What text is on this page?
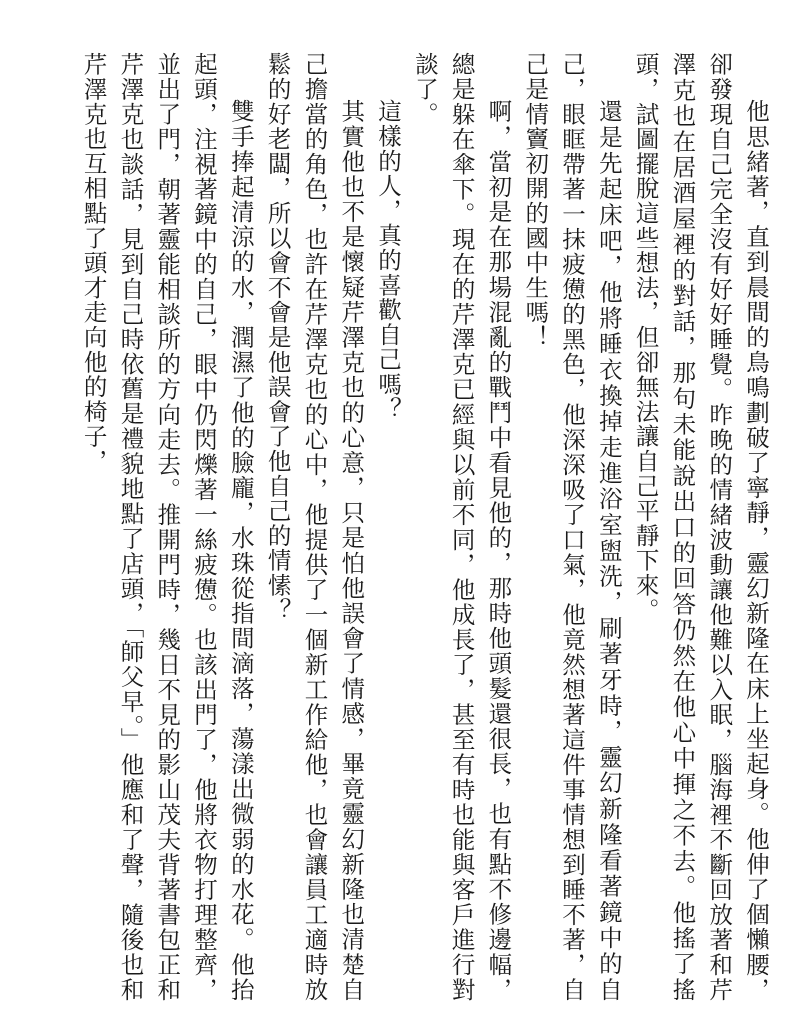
他思緒著，直到晨間的鳥鳴劃破了寧靜，靈幻新隆在床上坐起身。他伸了個懶腰，卻發現自己完全沒有好好睡覺。昨晚的情緒波動讓他難以入眠，腦海裡不斷回放著和芹澤克也在居酒屋裡的對話，那句未能說出口的回答仍然在他心中揮之不去。他搖了搖頭，試圖擺脫這些想法，但卻無法讓自己平靜下來。

還是先起床吧，他將睡衣換掉走進浴室盥洗，刷著牙時，靈幻新隆看著鏡中的自己，眼眶帶著一抹疲憊的黑色，他深深吸了口氣，他竟然想著這件事情想到睡不著，自己是情竇初開的國中生嗎！

啊，當初是在那場混亂的戰鬥中看見他的，那時他頭髮還很長，也有點不修邊幅，總是躲在傘下。現在的芹澤克已經與以前不同，他成長了，甚至有時也能與客戶進行對談了。

這樣的人，真的喜歡自己嗎？

其實他也不是懷疑芹澤克也的心意，只是怕他誤會了情感，畢竟靈幻新隆也清楚自己擔當的角色，也許在芹澤克也的心中，他提供了一個新工作給他，也會讓員工適時放鬆的好老闆，所以會不會是他誤會了他自己的情愫？

雙手捧起清涼的水，潤濕了他的臉龐，水珠從指間滴落，蕩漾出微弱的水花。他抬起頭，注視著鏡中的自己，眼中仍閃爍著一絲疲憊。也該出門了，他將衣物打理整齊，並出了門，朝著靈能相談所的方向走去。推開門時，幾日不見的影山茂夫背著書包正和芹澤克也談話，見到自己時依舊是禮貌地點了店頭，「師父早。」他應和了聲，隨後也和芹澤克也互相點了頭才走向他的椅子，
